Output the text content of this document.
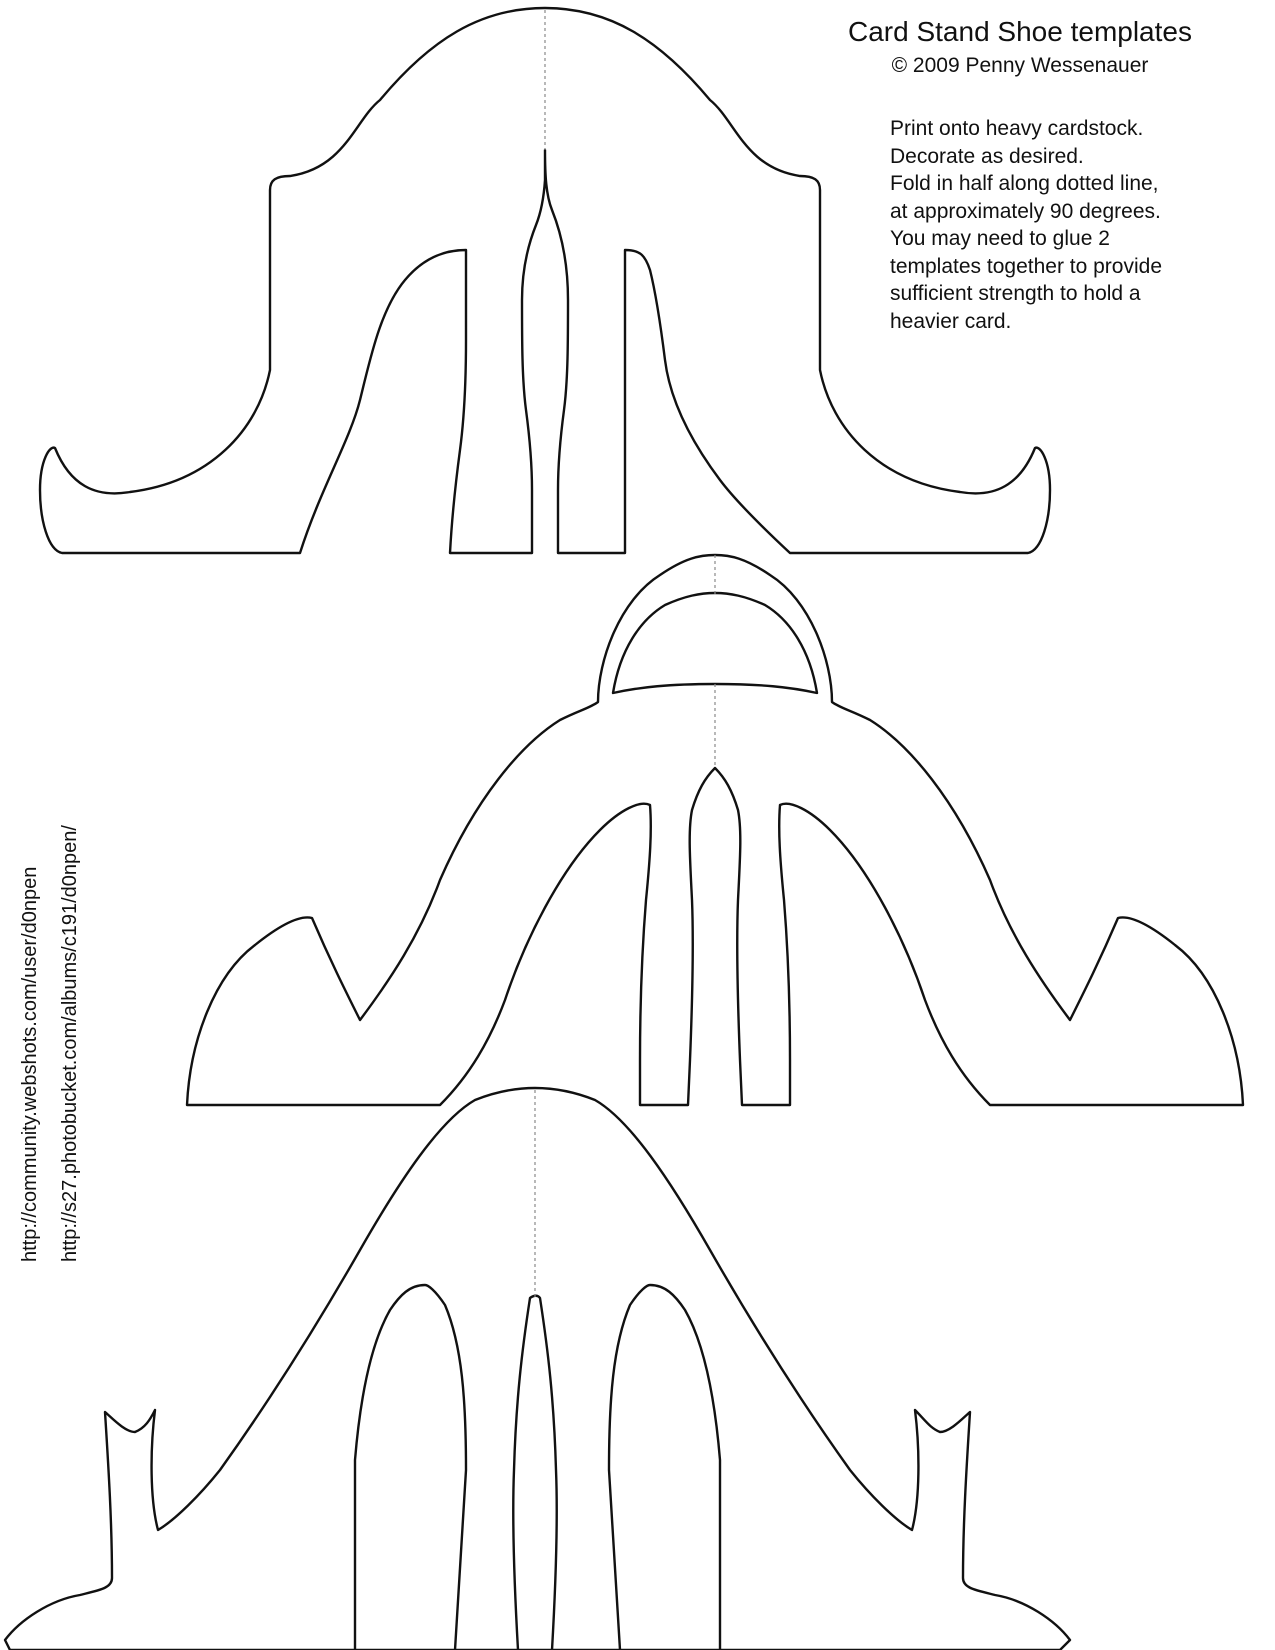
Card Stand Shoe templates
© 2009 Penny Wessenauer
Print onto heavy cardstock.
Decorate as desired.
Fold in half along dotted line,
at approximately 90 degrees.
You may need to glue 2
templates together to provide
sufficient strength to hold a
heavier card.
http://community.webshots.com/user/d0npen http://s27.photobucket.com/albums/c191/d0npen/
